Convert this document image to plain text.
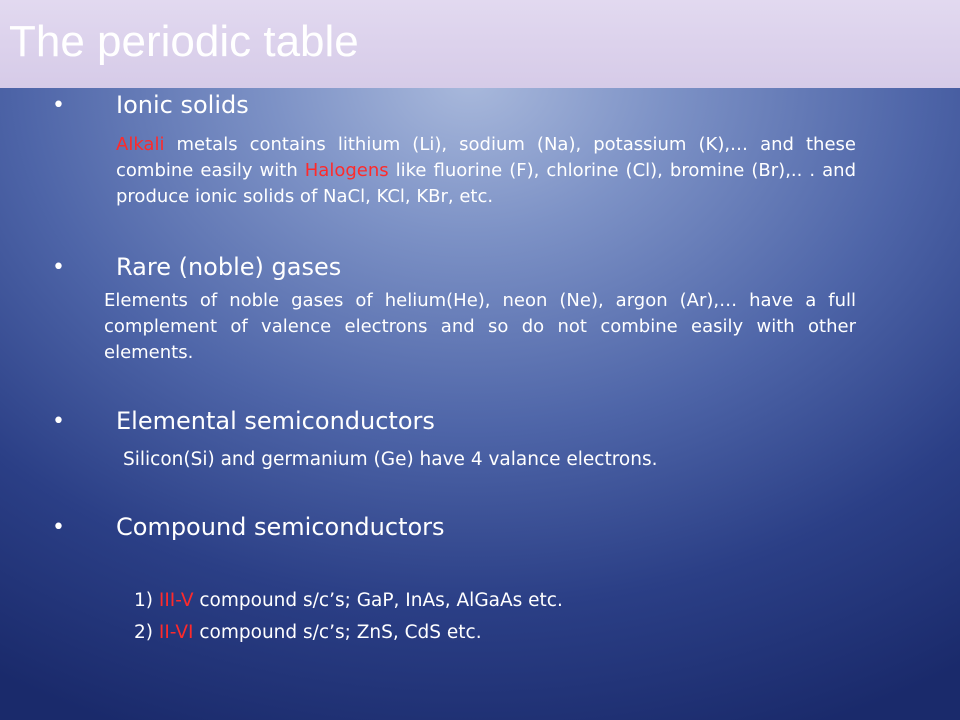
The periodic table
• Ionic solids
Alkali metals contains lithium (Li), sodium (Na), potassium (K),… and these combine easily with Halogens like fluorine (F), chlorine (Cl), bromine (Br),.. . and produce ionic solids of NaCl, KCl, KBr, etc.
• Rare (noble) gases
Elements of noble gases of helium(He), neon (Ne), argon (Ar),… have a full complement of valence electrons and so do not combine easily with other elements.
• Elemental semiconductors
Silicon(Si) and germanium (Ge) have 4 valance electrons.
• Compound semiconductors
1) III-V compound s/c’s; GaP, InAs, AlGaAs etc.
2) II-VI compound s/c’s; ZnS, CdS etc.
